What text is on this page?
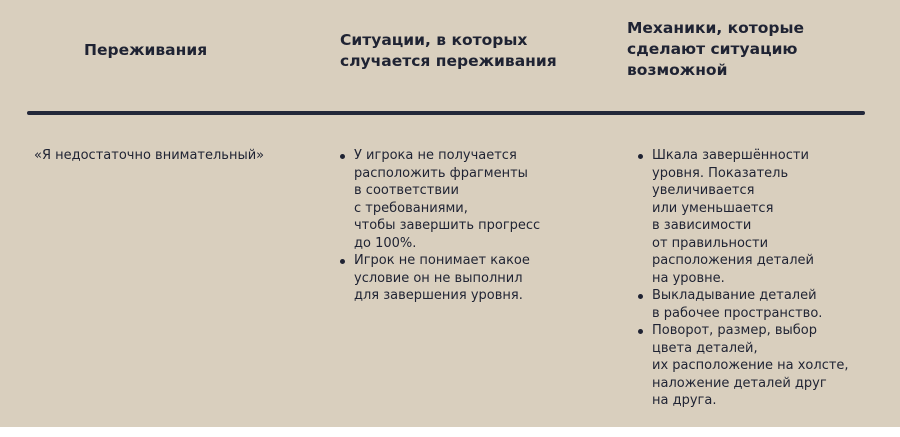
Переживания
Ситуации, в которых
случается переживания
Механики, которые
сделают ситуацию
возможной
«Я недостаточно внимательный»	У игрока не получается
расположить фрагменты
в соответствии
с требованиями,
чтобы завершить прогресс
до 100%.
Игрок не понимает какое
условие он не выполнил
для завершения уровня.
Шкала завершённости
уровня. Показатель
увеличивается
или уменьшается
в зависимости
от правильности
расположения деталей
на уровне.
Выкладывание деталей
в рабочее пространство.
Поворот, размер, выбор
цвета деталей,
их расположение на холсте,
наложение деталей друг
на друга.
